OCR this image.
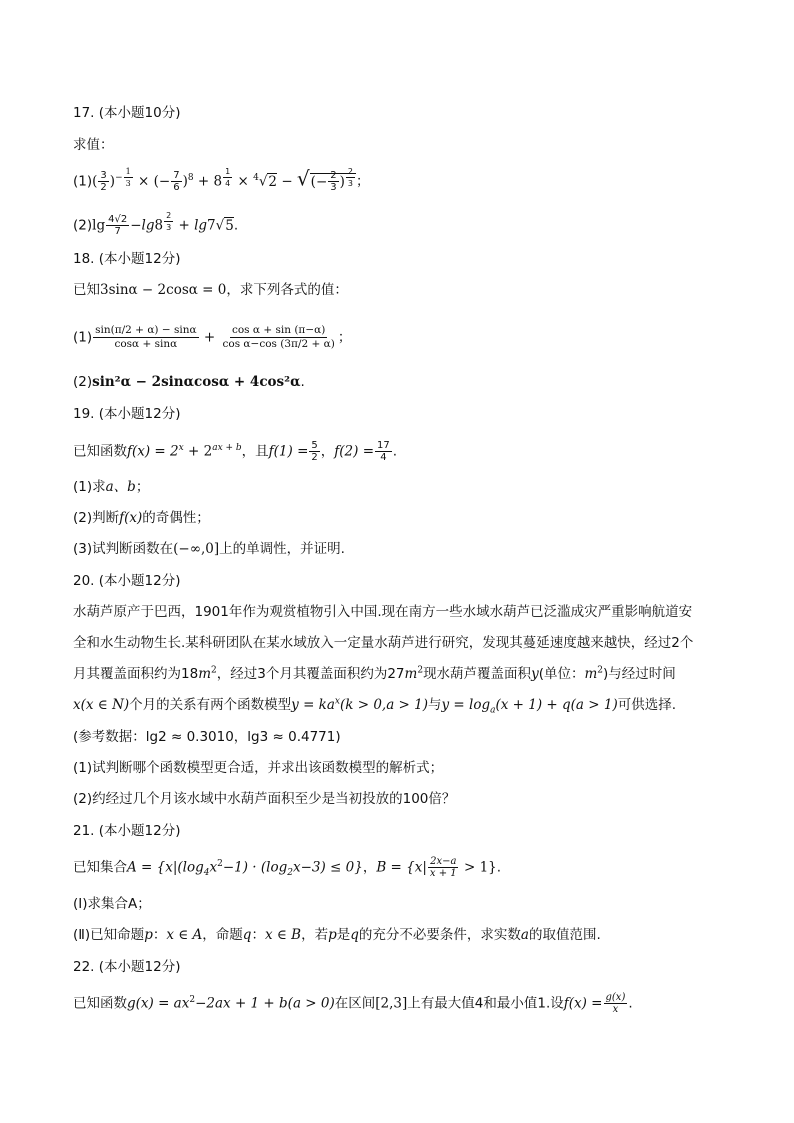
17. (本小题10分)
求值：
$(1)( \frac{3}{2} )^{- \frac{1}{3}}$ × (− $\frac{7}{6} )^8 + 8$ $^{\frac{1}{4}}$ × $^4$√2 − √(− $\frac{2}{3}$ ) $^{\frac{2}{3}}$ ；
$(2)\lg \frac{4√2}{7} -\lg 8$ $^{\frac{2}{3}}$ + lg7√5.
18. (本小题12分)
已知3sinα − 2cosα = 0，求下列各式的值：
$(1) \frac{\sin(\pi/2 + \alpha) - \sin\alpha}{\cos\alpha + \sin\alpha} + \frac{\text{cos α + sin (π−α)}}{\text{cos α−cos (3π/2 + α)}}$ ；
(2)sin²α − 2sinαcosα + 4cos²α.
19. (本小题12分)
已知函数$f(x) = 2^x + 2^{ax + b}$，且$f(1) = \frac{5}{2}$ ，$f(2) = \frac{17}{4}$ .
(1)求a、b；
(2)判断f(x)的奇偶性；
(3)试判断函数在(−∞,0]上的单调性，并证明.
20. (本小题12分)
水葫芦原产于巴西，1901年作为观赏植物引入中国.现在南方一些水域水葫芦已泛滥成灾严重影响航道安
全和水生动物生长.某科研团队在某水域放入一定量水葫芦进行研究，发现其蔓延速度越来越快，经过2个
月其覆盖面积约为$18m^2$，经过3个月其覆盖面积约为$27m^2$现水葫芦覆盖面积y(单位：$m^2$)与经过时间
x(x ∈ N)个月的关系有两个函数模型$y = ka^x(k > 0,a > 1)$与$y = \log_a(x + 1) + q(a > 1)$可供选择.
(参考数据：lg2 ≈ 0.3010，lg3 ≈ 0.4771)
(1)试判断哪个函数模型更合适，并求出该函数模型的解析式；
(2)约经过几个月该水域中水葫芦面积至少是当初投放的100倍？
21. (本小题12分)
已知集合$A = \{x|(\log_4x^2-1) \cdot (\log_2x-3) \le 0\}$，$B = \{x| \frac{2x-a}{x + 1} > 1\}$.
(Ⅰ)求集合A；
(Ⅱ)已知命题p：x ∈ A，命题q：x ∈ B，若p是q的充分不必要条件，求实数a的取值范围.
22. (本小题12分)
已知函数$g(x) = ax^2-2ax + 1 + b(a > 0)$在区间[2,3]上有最大值4和最小值1.设$f(x) = \frac{g(x)}{x}$ .
